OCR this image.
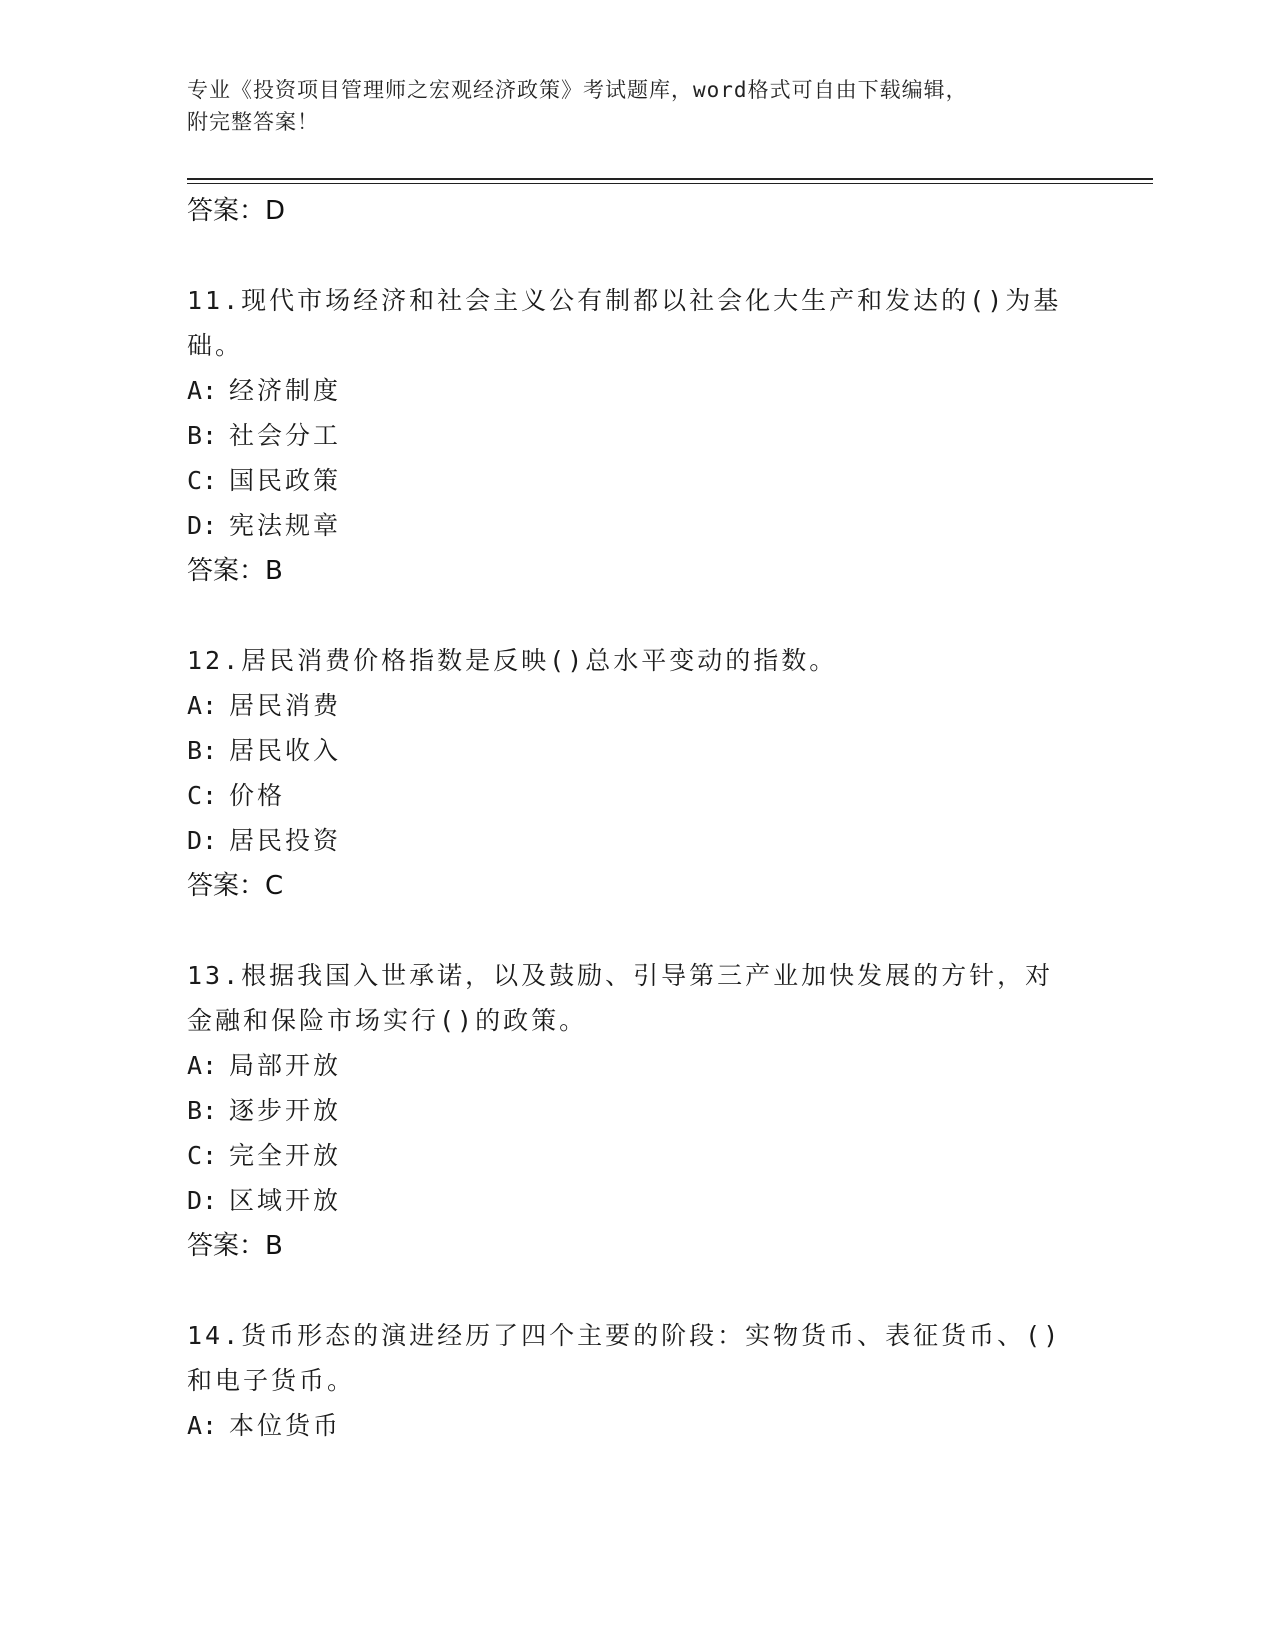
专业《投资项目管理师之宏观经济政策》考试题库，word格式可自由下载编辑，
附完整答案！
答案：D
11.现代市场经济和社会主义公有制都以社会化大生产和发达的()为基础。
A: 经济制度
B: 社会分工
C: 国民政策
D: 宪法规章
答案：B
12.居民消费价格指数是反映()总水平变动的指数。
A: 居民消费
B: 居民收入
C: 价格
D: 居民投资
答案：C
13.根据我国入世承诺，以及鼓励、引导第三产业加快发展的方针，对金融和保险市场实行()的政策。
A: 局部开放
B: 逐步开放
C: 完全开放
D: 区域开放
答案：B
14.货币形态的演进经历了四个主要的阶段：实物货币、表征货币、()和电子货币。
A: 本位货币
